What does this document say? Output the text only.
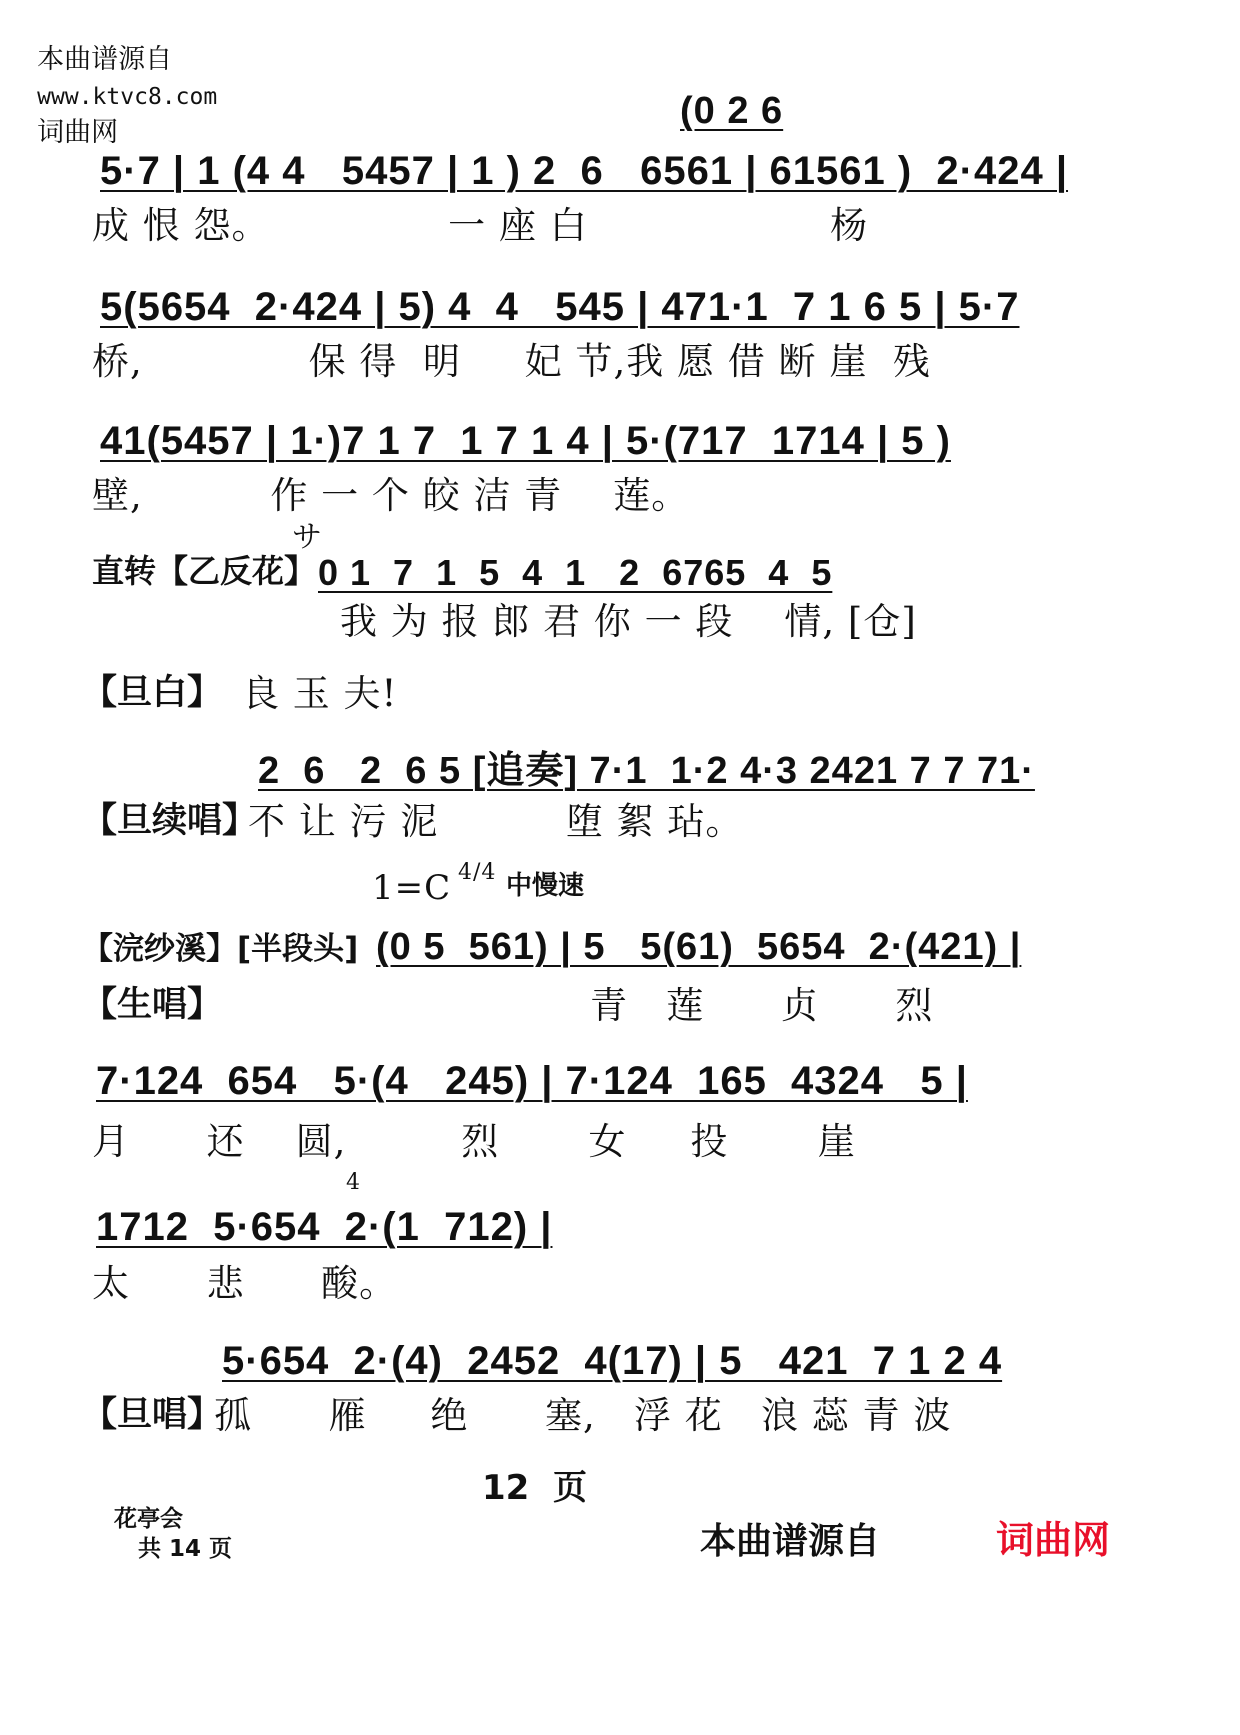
本曲谱源自
www.ktvc8.com
词曲网

(0 2 6
5·7 | 1 (4 4   5457 | 1 ) 2  6   6561 | 61561 )  2·424 |
成 恨 怨。              一 座 白                   杨
5(5654  2·424 | 5) 4  4   545 | 471·1  7 1 6 5 | 5·7
桥,             保 得  明     妃 节,我 愿 借 断 崖  残
41(5457 | 1·)7 1 7  1 7 1 4 | 5·(717  1714 | 5 )
壁,          作 一 个 皎 洁 青    莲。
直转【乙反花】
サ
0 1  7  1  5  4  1   2  6765  4  5
我 为 报 郎 君 你 一 段    情, [仓]
【旦白】 良 玉 夫!
2  6   2  6 5 [追奏] 7·1  1·2 4·3 2421 7 7 71·
【旦续唱】
不 让 污 泥          堕 絮 玷。
1=C 4/4 中慢速
【浣纱溪】[半段头] (0 5  561) | 5   5(61)  5654  2·(421) |
【生唱】	青   莲      贞      烈
7·124  654   5·(4   245) | 7·124  165  4324   5 |
月      还    圆,         烈       女     投       崖
1712  5·654  2·(1  712) |
4
太      悲      酸。
5·654  2·(4)  2452  4(17) | 5   421  7 1 2 4
【旦唱】
孤      雁     绝      塞,   浮 花   浪 蕊 青 波

花亭会
共 14 页

12  页
本曲谱源自	词曲网
